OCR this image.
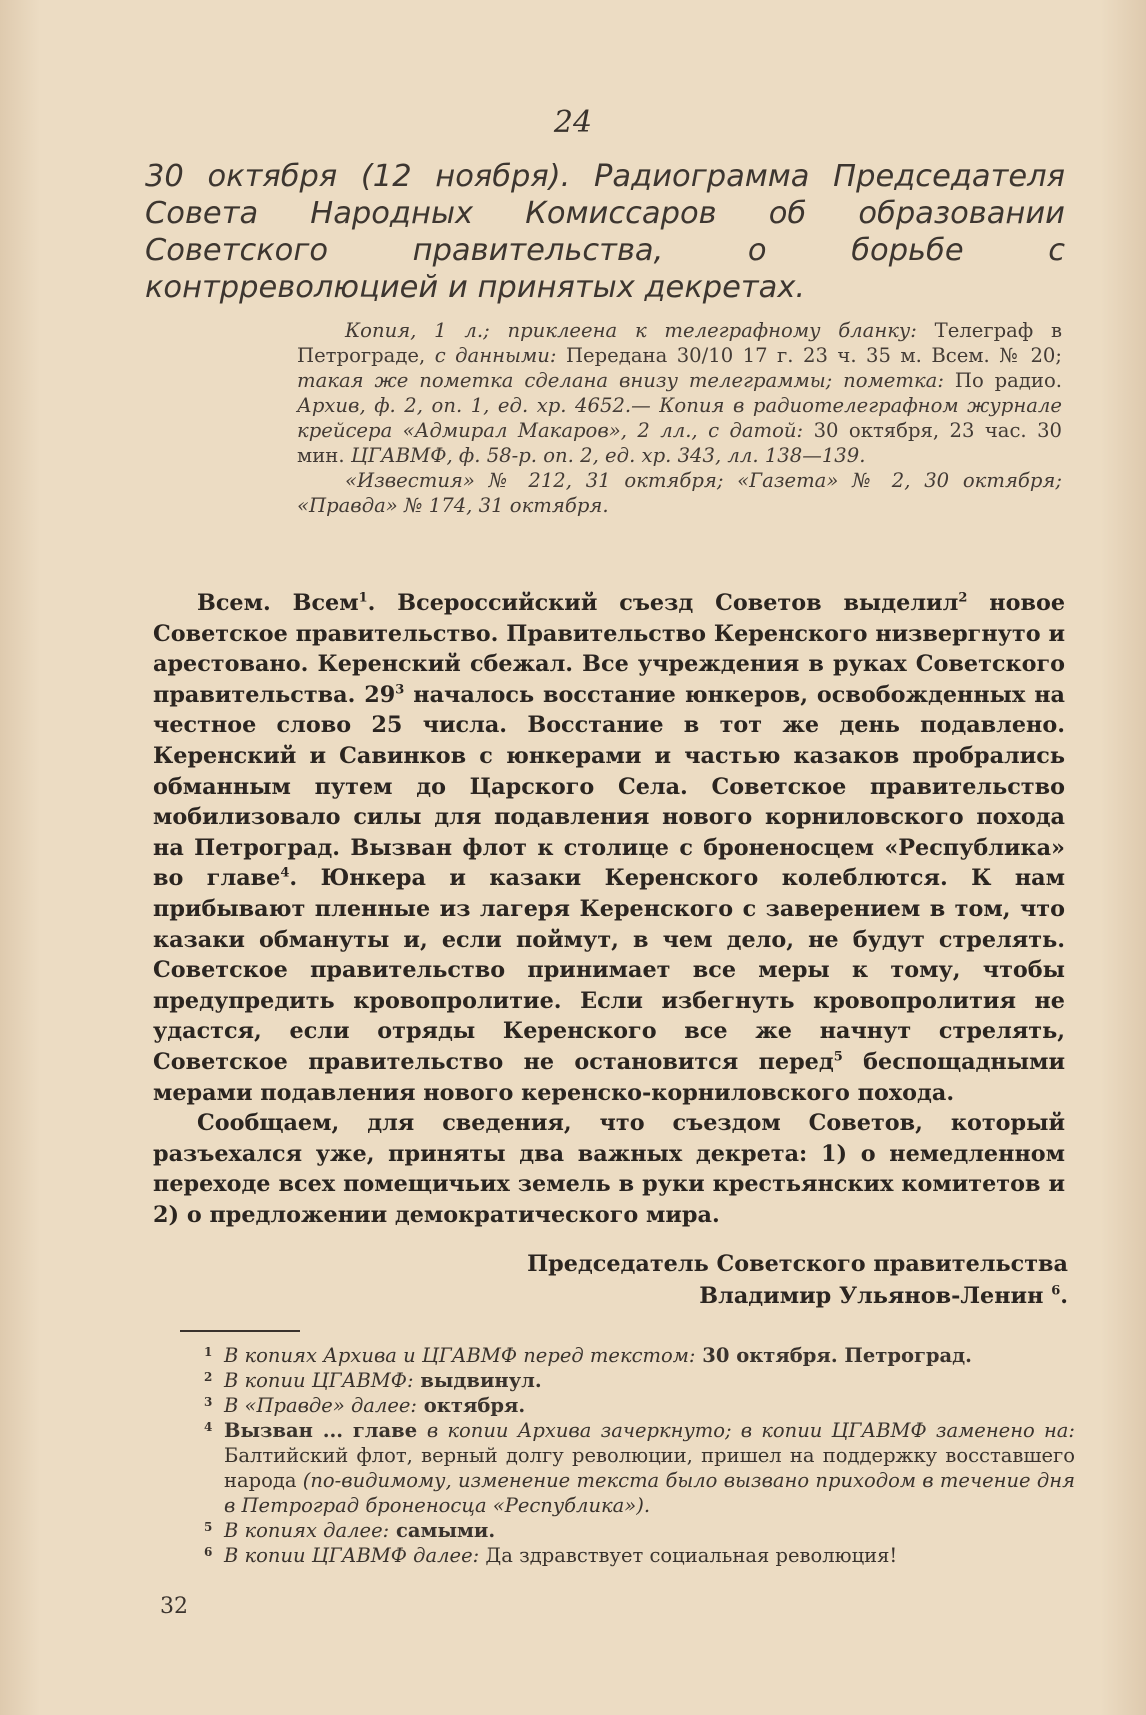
24
30 октября (12 ноября). Радиограмма Председателя Совета Народных Комиссаров об образовании Советского правительства, о борьбе с контрреволюцией и принятых декретах.

Копия, 1 л.; приклеена к телеграфному бланку: Телеграф в Петрограде, с данными: Передана 30/10 17 г. 23 ч. 35 м. Всем. № 20; такая же пометка сделана внизу телеграммы; пометка: По радио. Архив, ф. 2, оп. 1, ед. хр. 4652.— Копия в радиотелеграфном журнале крейсера «Адмирал Макаров», 2 лл., с датой: 30 октября, 23 час. 30 мин. ЦГАВМФ, ф. 58-р. оп. 2, ед. хр. 343, лл. 138—139.

«Известия» № 212, 31 октября; «Газета» № 2, 30 октября; «Правда» № 174, 31 октября.

Всем. Всем$^1$. Всероссийский съезд Советов выделил$^2$ новое Советское правительство. Правительство Керенского низвергнуто и арестовано. Керенский сбежал. Все учреждения в руках Советского правительства. $29^3$ началось восстание юнкеров, освобожденных на честное слово 25 числа. Восстание в тот же день подавлено. Керенский и Савинков с юнкерами и частью казаков пробрались обманным путем до Царского Села. Советское правительство мобилизовало силы для подавления нового корниловского похода на Петроград. Вызван флот к столице с броненосцем «Республика» во главе$^4$. Юнкера и казаки Керенского колеблются. К нам прибывают пленные из лагеря Керенского с заверением в том, что казаки обмануты и, если поймут, в чем дело, не будут стрелять. Советское правительство принимает все меры к тому, чтобы предупредить кровопролитие. Если избегнуть кровопролития не удастся, если отряды Керенского все же начнут стрелять, Советское правительство не остановится перед$^5$ беспощадными мерами подавления нового керенско-корниловского похода.

Сообщаем, для сведения, что съездом Советов, который разъехался уже, приняты два важных декрета: 1) о немедленном переходе всех помещичьих земель в руки крестьянских комитетов и 2) о предложении демократического мира.

Председатель Советского правительства
Владимир Ульянов-Ленин $^6$.
1 В копиях Архива и ЦГАВМФ перед текстом: 30 октября. Петроград.
2 В копии ЦГАВМФ: выдвинул.
3 В «Правде» далее: октября.
4 Вызван ... главе в копии Архива зачеркнуто; в копии ЦГАВМФ заменено на: Балтийский флот, верный долгу революции, пришел на поддержку восставшего народа (по-видимому, изменение текста было вызвано приходом в течение дня в Петроград броненосца «Республика»).
5 В копиях далее: самыми.
6 В копии ЦГАВМФ далее: Да здравствует социальная революция!
32
